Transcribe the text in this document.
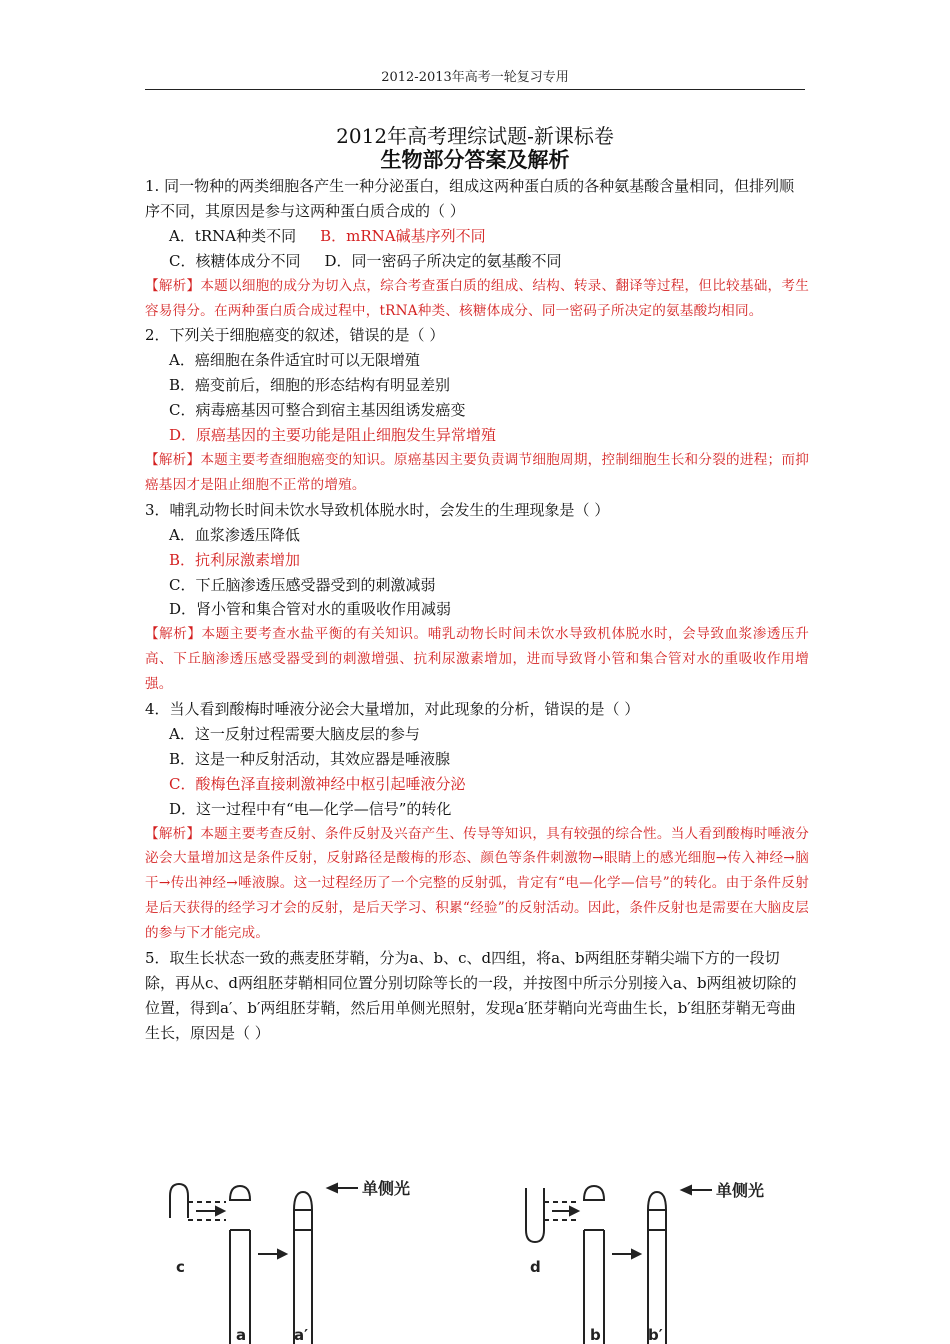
2012-2013年高考一轮复习专用
2012年高考理综试题-新课标卷
生物部分答案及解析

1. 同一物种的两类细胞各产生一种分泌蛋白，组成这两种蛋白质的各种氨基酸含量相同，但排列顺序不同，其原因是参与这两种蛋白质合成的（ ）

A．tRNA种类不同 B．mRNA碱基序列不同

C．核糖体成分不同 D．同一密码子所决定的氨基酸不同

【解析】本题以细胞的成分为切入点，综合考查蛋白质的组成、结构、转录、翻译等过程，但比较基础，考生容易得分。在两种蛋白质合成过程中，tRNA种类、核糖体成分、同一密码子所决定的氨基酸均相同。

2．下列关于细胞癌变的叙述，错误的是（ ）

A．癌细胞在条件适宜时可以无限增殖

B．癌变前后，细胞的形态结构有明显差别

C．病毒癌基因可整合到宿主基因组诱发癌变

D．原癌基因的主要功能是阻止细胞发生异常增殖

【解析】本题主要考查细胞癌变的知识。原癌基因主要负责调节细胞周期，控制细胞生长和分裂的进程；而抑癌基因才是阻止细胞不正常的增殖。

3．哺乳动物长时间未饮水导致机体脱水时，会发生的生理现象是（ ）

A．血浆渗透压降低

B．抗利尿激素增加

C．下丘脑渗透压感受器受到的刺激减弱

D．肾小管和集合管对水的重吸收作用减弱

【解析】本题主要考查水盐平衡的有关知识。哺乳动物长时间未饮水导致机体脱水时，会导致血浆渗透压升高、下丘脑渗透压感受器受到的刺激增强、抗利尿激素增加，进而导致肾小管和集合管对水的重吸收作用增强。

4．当人看到酸梅时唾液分泌会大量增加，对此现象的分析，错误的是（ ）

A．这一反射过程需要大脑皮层的参与

B．这是一种反射活动，其效应器是唾液腺

C．酸梅色泽直接刺激神经中枢引起唾液分泌

D．这一过程中有“电—化学—信号”的转化

【解析】本题主要考查反射、条件反射及兴奋产生、传导等知识，具有较强的综合性。当人看到酸梅时唾液分泌会大量增加这是条件反射，反射路径是酸梅的形态、颜色等条件刺激物→眼睛上的感光细胞→传入神经→脑干→传出神经→唾液腺。这一过程经历了一个完整的反射弧，肯定有“电—化学—信号”的转化。由于条件反射是后天获得的经学习才会的反射，是后天学习、积累“经验”的反射活动。因此，条件反射也是需要在大脑皮层的参与下才能完成。

5．取生长状态一致的燕麦胚芽鞘，分为a、b、c、d四组，将a、b两组胚芽鞘尖端下方的一段切除，再从c、d两组胚芽鞘相同位置分别切除等长的一段，并按图中所示分别接入a、b两组被切除的位置，得到a′、b′两组胚芽鞘，然后用单侧光照射，发现a′胚芽鞘向光弯曲生长，b′组胚芽鞘无弯曲生长，原因是（ ）

单侧光
c
a	a′
单侧光
d
b	b′
